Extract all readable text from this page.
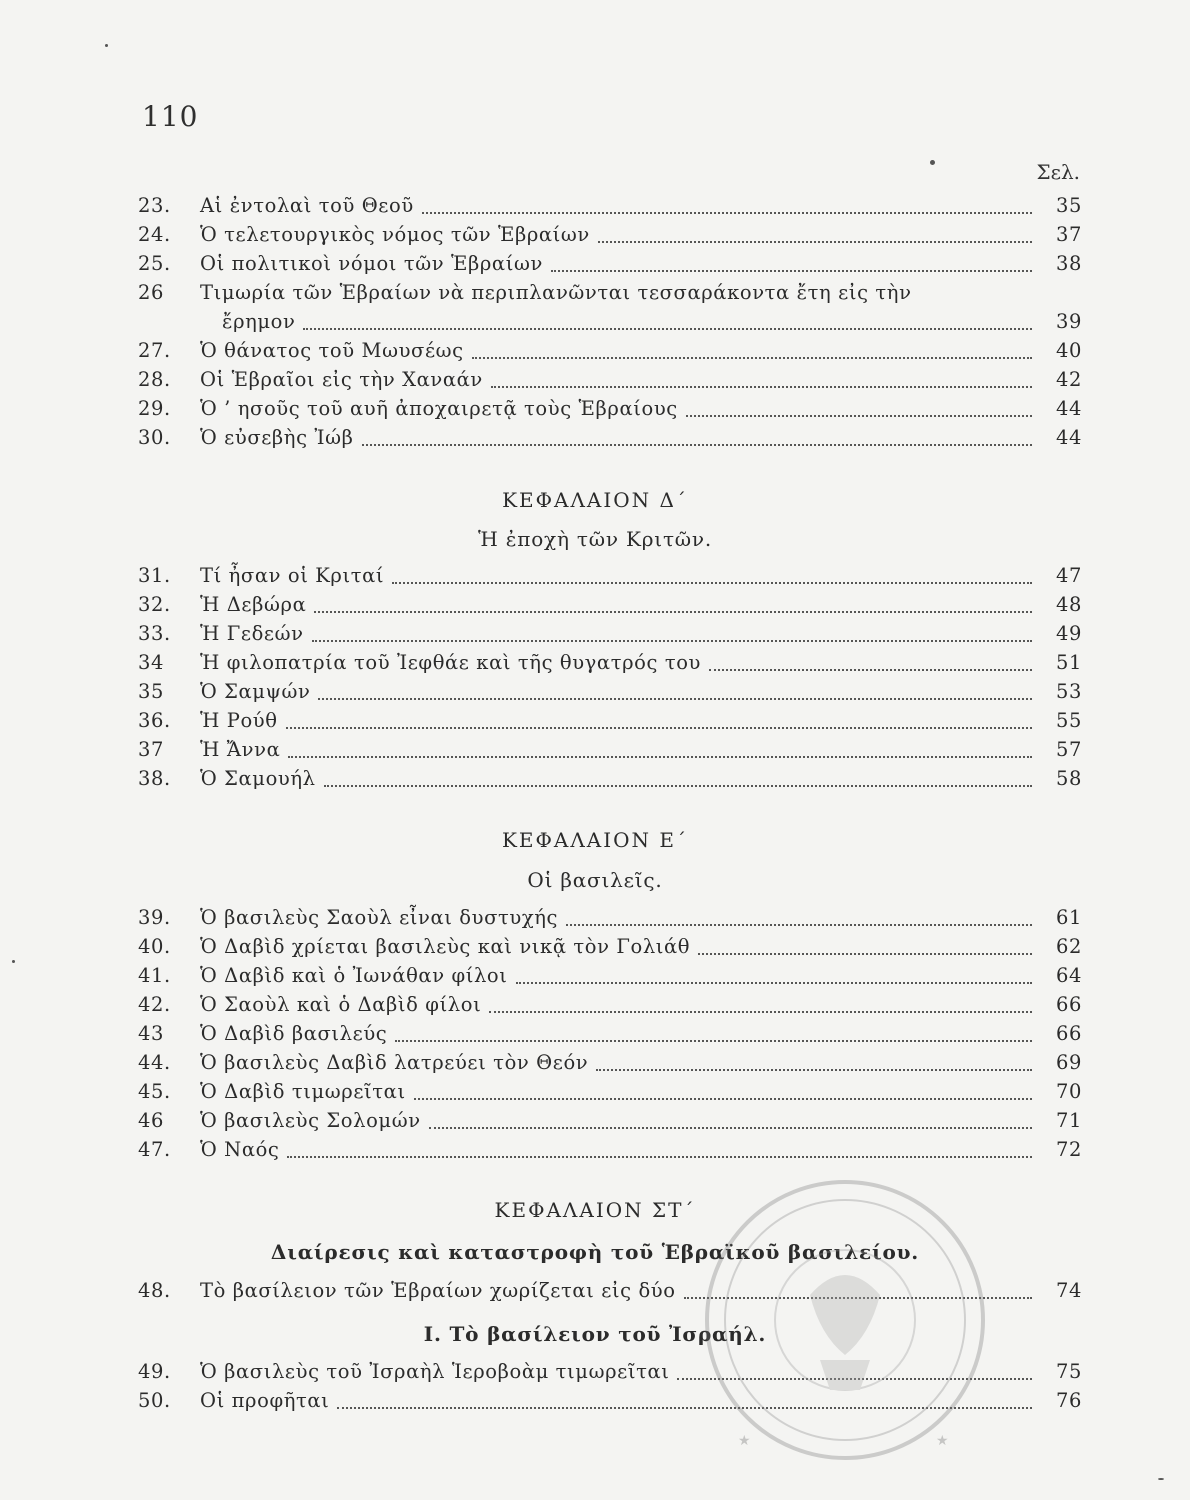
110
Σελ.
23.	Αἱ ἐντολαὶ τοῦ Θεοῦ	35
24.	Ὁ τελετουργικὸς νόμος τῶν Ἑβραίων	37
25.	Οἱ πολιτικοὶ νόμοι τῶν Ἑβραίων	38
26	Τιμωρία τῶν Ἑβραίων νὰ περιπλανῶνται τεσσαράκοντα ἔτη εἰς τὴν
ἔρημον	39
27.	Ὁ θάνατος τοῦ Μωυσέως	40
28.	Οἱ Ἑβραῖοι εἰς τὴν Χαναάν	42
29.	Ὁ ’ ησοῦς τοῦ αυῆ ἀποχαιρετᾷ τοὺς Ἑβραίους	44
30.	Ὁ εὐσεβὴς Ἰώβ	44
ΚΕΦΑΛΑΙΟΝ Δ΄
Ἡ ἐποχὴ τῶν Κριτῶν.
31.	Τί ἦσαν οἱ Κριταί	47
32.	Ἡ Δεβώρα	48
33.	Ἡ Γεδεών	49
34	Ἡ φιλοπατρία τοῦ Ἰεφθάε καὶ τῆς θυγατρός του	51
35	Ὁ Σαμψών	53
36.	Ἡ Ρούθ	55
37	Ἡ Ἄννα	57
38.	Ὁ Σαμουήλ	58
ΚΕΦΑΛΑΙΟΝ Ε΄
Οἱ βασιλεῖς.
39.	Ὁ βασιλεὺς Σαοὺλ εἶναι δυστυχής	61
40.	Ὁ Δαβὶδ χρίεται βασιλεὺς καὶ νικᾷ τὸν Γολιάθ	62
41.	Ὁ Δαβὶδ καὶ ὁ Ἰωνάθαν φίλοι	64
42.	Ὁ Σαοὺλ καὶ ὁ Δαβὶδ φίλοι	66
43	Ὁ Δαβὶδ βασιλεύς	66
44.	Ὁ βασιλεὺς Δαβὶδ λατρεύει τὸν Θεόν	69
45.	Ὁ Δαβὶδ τιμωρεῖται	70
46	Ὁ βασιλεὺς Σολομών	71
47.	Ὁ Ναός	72
ΚΕΦΑΛΑΙΟΝ ΣΤ΄
Διαίρεσις καὶ καταστροφὴ τοῦ Ἑβραϊκοῦ βασιλείου.
48.	Τὸ βασίλειον τῶν Ἑβραίων χωρίζεται εἰς δύο	74
I. Τὸ βασίλειον τοῦ Ἰσραήλ.
49.	Ὁ βασιλεὺς τοῦ Ἰσραὴλ Ἱεροβοὰμ τιμωρεῖται	75
50.	Οἱ προφῆται	76
★	★
